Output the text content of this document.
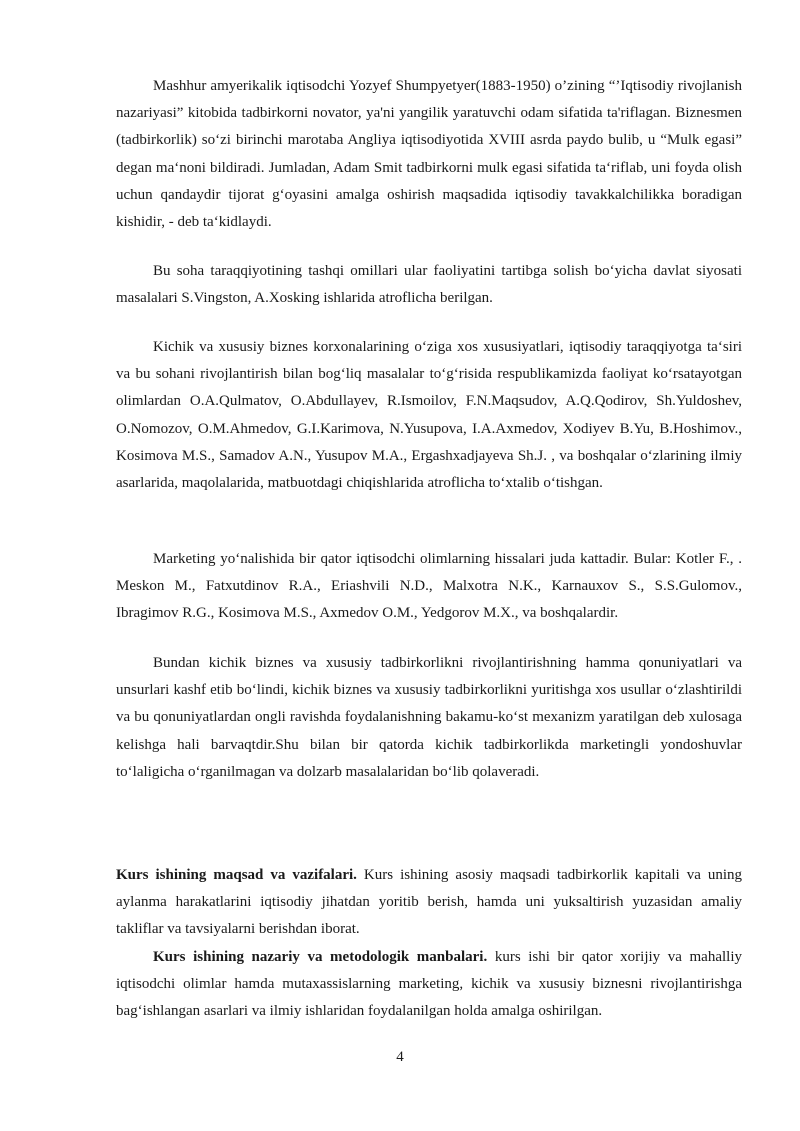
Mashhur amyerikalik iqtisodchi Yozyef Shumpyetyer(1883-1950) o’zining “’Iqtisodiy rivojlanish nazariyasi” kitobida tadbirkorni novator, ya'ni yangilik yaratuvchi odam sifatida ta'riflagan. Biznesmen (tadbirkorlik) so‘zi birinchi marotaba Angliya iqtisodiyotida XVIII asrda paydo bulib, u “Mulk egasi” degan ma‘noni bildiradi. Jumladan, Adam Smit tadbirkorni mulk egasi sifatida ta‘riflab, uni foyda olish uchun qandaydir tijorat g‘oyasini amalga oshirish maqsadida iqtisodiy tavakkalchilikka boradigan kishidir, - deb ta‘kidlaydi.

Bu soha taraqqiyotining tashqi omillari ular faoliyatini tartibga solish bo‘yicha davlat siyosati masalalari S.Vingston, A.Xosking ishlarida atroflicha berilgan.

Kichik va xususiy biznes korxonalarining o‘ziga xos xususiyatlari, iqtisodiy taraqqiyotga ta‘siri va bu sohani rivojlantirish bilan bog‘liq masalalar to‘g‘risida respublikamizda faoliyat ko‘rsatayotgan olimlardan O.A.Qulmatov, O.Abdullayev, R.Ismoilov, F.N.Maqsudov, A.Q.Qodirov, Sh.Yuldoshev, O.Nomozov, O.M.Ahmedov, G.I.Karimova, N.Yusupova, I.A.Axmedov, Xodiyev B.Yu, B.Hoshimov., Kosimova M.S., Samadov A.N., Yusupov M.A., Ergashxadjayeva Sh.J. , va boshqalar o‘zlarining ilmiy asarlarida, maqolalarida, matbuotdagi chiqishlarida atroflicha to‘xtalib o‘tishgan.

Marketing yo‘nalishida bir qator iqtisodchi olimlarning hissalari juda kattadir. Bular: Kotler F., . Meskon M., Fatxutdinov R.A., Eriashvili N.D., Malxotra N.K., Karnauxov S., S.S.Gulomov., Ibragimov R.G., Kosimova M.S., Axmedov O.M., Yedgorov M.X., va boshqalardir.

Bundan kichik biznes va xususiy tadbirkorlikni rivojlantirishning hamma qonuniyatlari va unsurlari kashf etib bo‘lindi, kichik biznes va xususiy tadbirkorlikni yuritishga xos usullar o‘zlashtirildi va bu qonuniyatlardan ongli ravishda foydalanishning bakamu-ko‘st mexanizm yaratilgan deb xulosaga kelishga hali barvaqtdir.Shu bilan bir qatorda kichik tadbirkorlikda marketingli yondoshuvlar to‘laligicha o‘rganilmagan va dolzarb masalalaridan bo‘lib qolaveradi.

Kurs ishining maqsad va vazifalari. Kurs ishining asosiy maqsadi tadbirkorlik kapitali va uning aylanma harakatlarini iqtisodiy jihatdan yoritib berish, hamda uni yuksaltirish yuzasidan amaliy takliflar va tavsiyalarni berishdan iborat.

Kurs ishining nazariy va metodologik manbalari. kurs ishi bir qator xorijiy va mahalliy iqtisodchi olimlar hamda mutaxassislarning marketing, kichik va xususiy biznesni rivojlantirishga bag‘ishlangan asarlari va ilmiy ishlaridan foydalanilgan holda amalga oshirilgan.

4
